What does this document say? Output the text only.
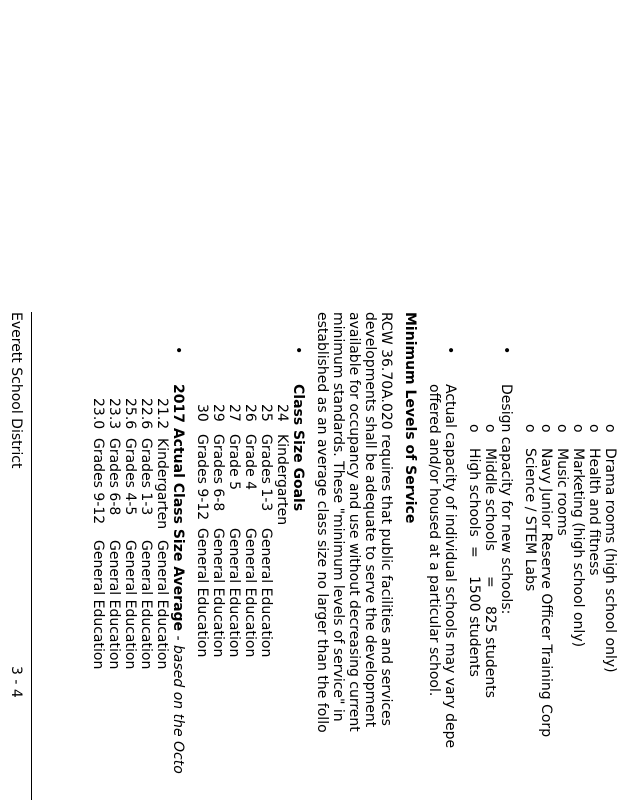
o
Drama rooms (high school only)
o
Health and fitness
o
Marketing (high school only)
o
Music rooms
o
Navy Junior Reserve Officer Training Corp
o
Science / STEM Labs
•
Design capacity for new schools:
o
Middle schools
=
825 students
o
High schools
=
1500 students
•
Actual capacity of individual schools may vary depe
offered and/or housed at a particular school.
Minimum Levels of Service
RCW 36.70A.020 requires that public facilities and services
developments shall be adequate to serve the development
available for occupancy and use without decreasing current
minimum standards. These "minimum levels of service" in
established as an average class size no larger than the follo
•
Class Size Goals
24
Kindergarten
25
Grades 1-3
General Education
26
Grade 4
General Education
27
Grade 5
General Education
29
Grades 6-8
General Education
30
Grades 9-12
General Education
•
2017 Actual Class Size Average - based on the Octo
21.2
Kindergarten
General Education
22.6
Grades 1-3
General Education
25.6
Grades 4-5
General Education
23.3
Grades 6-8
General Education
23.0
Grades 9-12
General Education
Everett School District
3 - 4
